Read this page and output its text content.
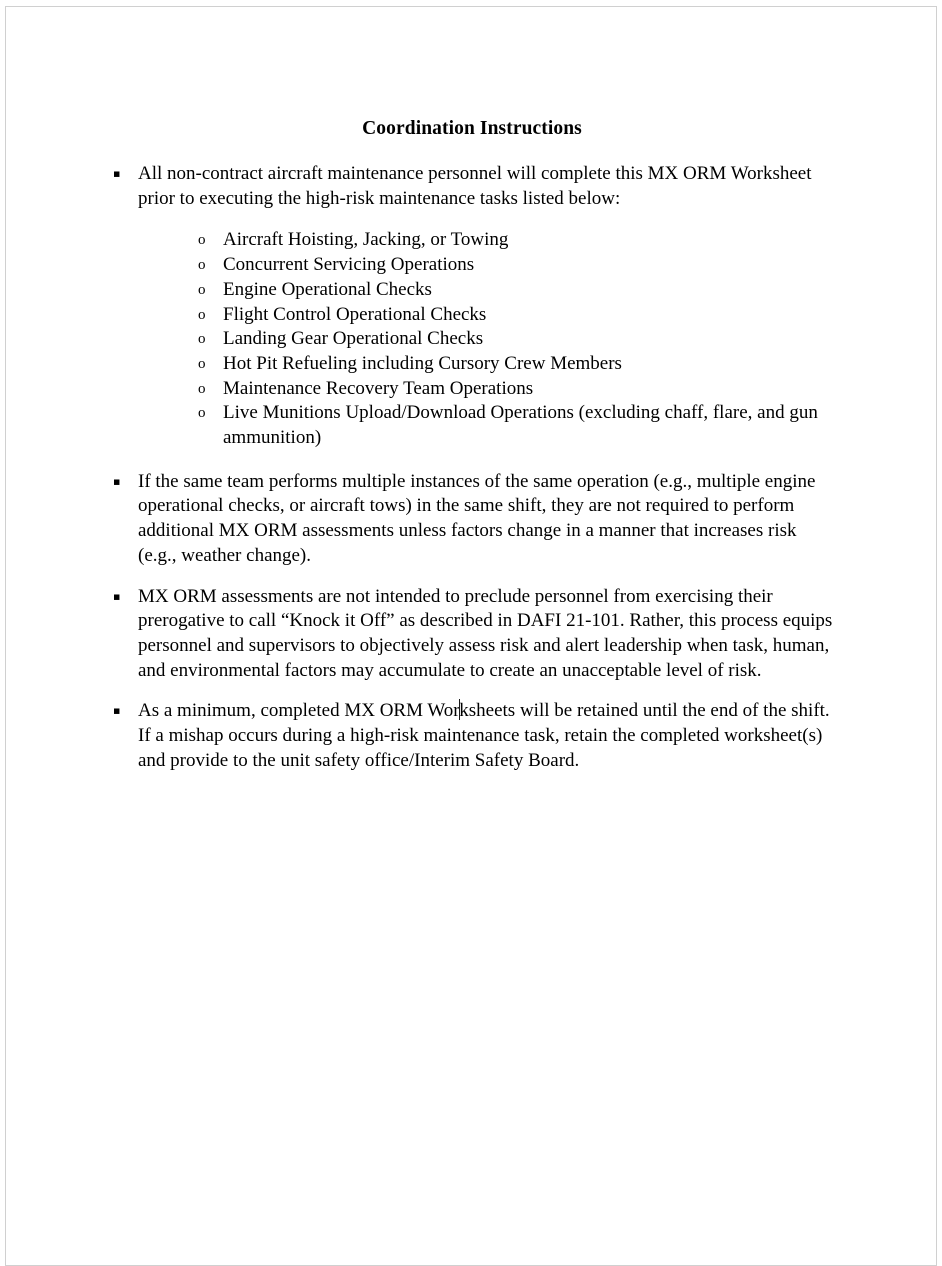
Coordination Instructions
▪ All non-contract aircraft maintenance personnel will complete this MX ORM Worksheet prior to executing the high-risk maintenance tasks listed below:

o Aircraft Hoisting, Jacking, or Towing
o Concurrent Servicing Operations
o Engine Operational Checks
o Flight Control Operational Checks
o Landing Gear Operational Checks
o Hot Pit Refueling including Cursory Crew Members
o Maintenance Recovery Team Operations
o Live Munitions Upload/Download Operations (excluding chaff, flare, and gun ammunition)
▪ If the same team performs multiple instances of the same operation (e.g., multiple engine operational checks, or aircraft tows) in the same shift, they are not required to perform additional MX ORM assessments unless factors change in a manner that increases risk (e.g., weather change).

▪ MX ORM assessments are not intended to preclude personnel from exercising their prerogative to call “Knock it Off” as described in DAFI 21-101. Rather, this process equips personnel and supervisors to objectively assess risk and alert leadership when task, human, and environmental factors may accumulate to create an unacceptable level of risk.

▪ As a minimum, completed MX ORM Worksheets will be retained until the end of the shift. If a mishap occurs during a high-risk maintenance task, retain the completed worksheet(s) and provide to the unit safety office/Interim Safety Board.
